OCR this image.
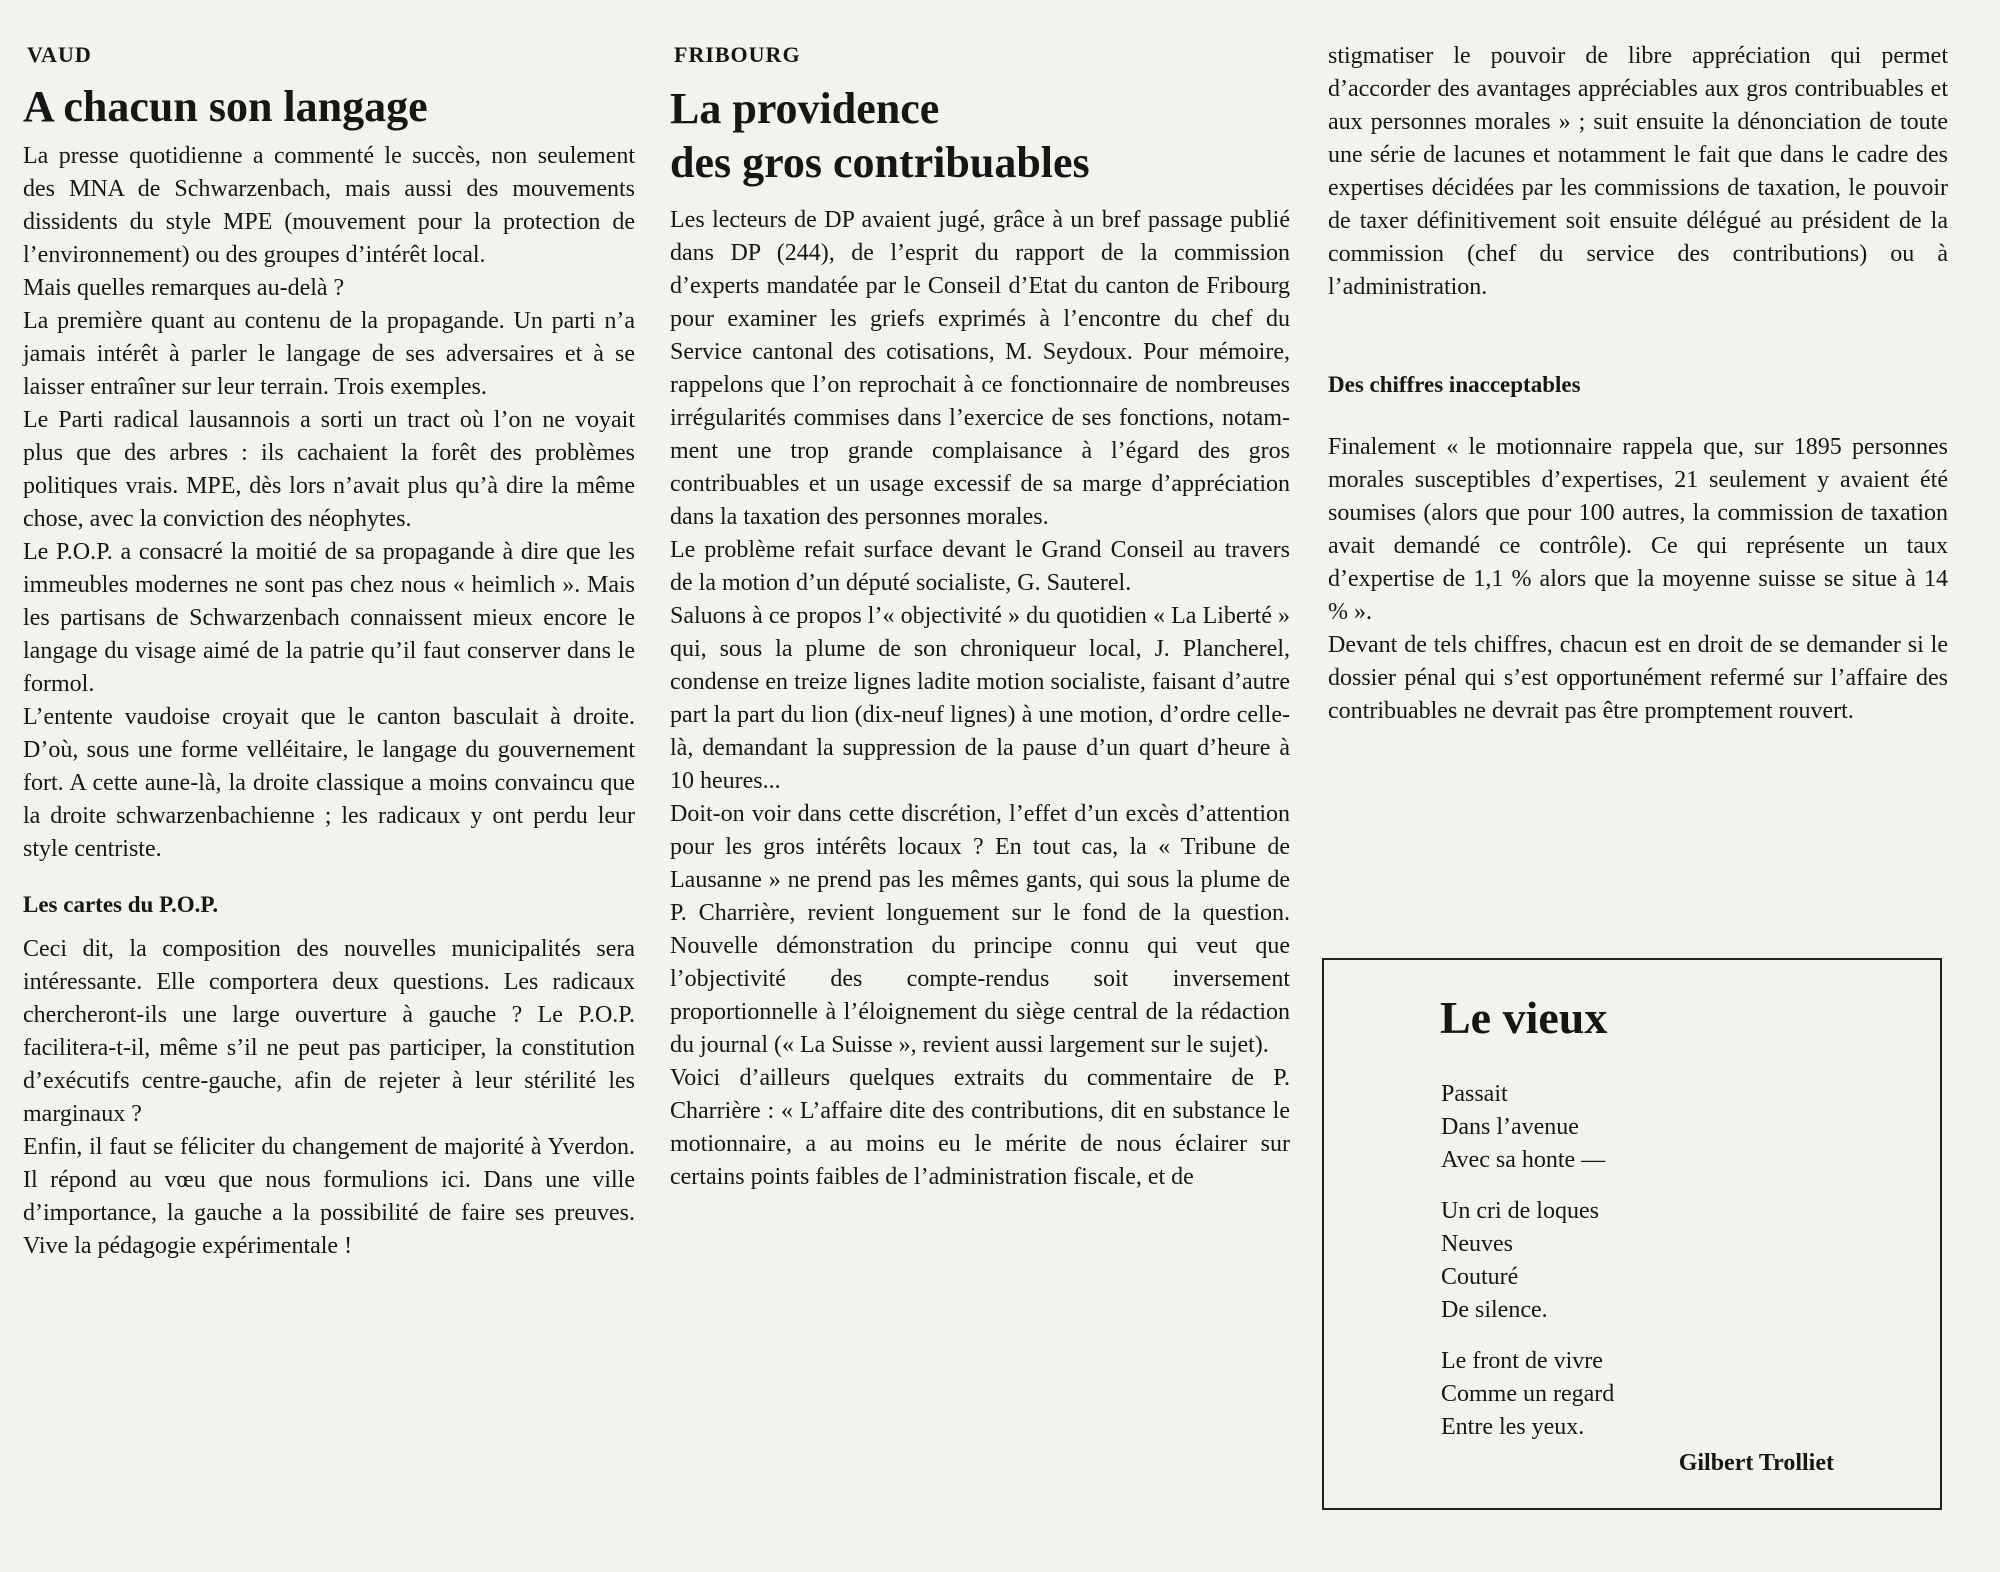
VAUD
A chacun son langage

La presse quotidienne a commenté le succès, non seulement des MNA de Schwarzenbach, mais aussi des mouvements dissidents du style MPE (mouvement pour la protection de l’environnement) ou des groupes d’intérêt local.

Mais quelles remarques au-delà ?

La première quant au contenu de la propagande. Un parti n’a jamais intérêt à parler le langage de ses adversaires et à se laisser entraîner sur leur terrain. Trois exemples.

Le Parti radical lausannois a sorti un tract où l’on ne voyait plus que des arbres : ils cachaient la forêt des problèmes politiques vrais. MPE, dès lors n’avait plus qu’à dire la même chose, avec la conviction des néophytes.

Le P.O.P. a consacré la moitié de sa propagande à dire que les immeubles modernes ne sont pas chez nous « heimlich ». Mais les partisans de Schwarzenbach connaissent mieux encore le langage du visage aimé de la patrie qu’il faut conserver dans le formol.

L’entente vaudoise croyait que le canton basculait à droite. D’où, sous une forme velléitaire, le langage du gouvernement fort. A cette aune-là, la droite classique a moins convaincu que la droite schwarzenbachienne ; les radicaux y ont perdu leur style centriste.

Les cartes du P.O.P.

Ceci dit, la composition des nouvelles municipalités sera intéressante. Elle comportera deux questions. Les radicaux chercheront-ils une large ouverture à gauche ? Le P.O.P. facilitera-t-il, même s’il ne peut pas participer, la constitution d’exécutifs centre-gauche, afin de rejeter à leur stérilité les marginaux ?

Enfin, il faut se féliciter du changement de majorité à Yverdon. Il répond au vœu que nous formulions ici. Dans une ville d’importance, la gauche a la possibilité de faire ses preuves. Vive la pédagogie expérimentale !

FRIBOURG
La providence
des gros contribuables

Les lecteurs de DP avaient jugé, grâce à un bref passage publié dans DP (244), de l’esprit du rapport de la commission d’experts mandatée par le Conseil d’Etat du canton de Fribourg pour examiner les griefs exprimés à l’encontre du chef du Service cantonal des cotisations, M. Seydoux. Pour mémoire, rappelons que l’on reprochait à ce fonctionnaire de nombreuses irrégularités commises dans l’exercice de ses fonctions, notamment une trop grande complaisance à l’égard des gros contribuables et un usage excessif de sa marge d’appréciation dans la taxation des personnes morales.

Le problème refait surface devant le Grand Conseil au travers de la motion d’un député socialiste, G. Sauterel.

Saluons à ce propos l’« objectivité » du quotidien « La Liberté » qui, sous la plume de son chroniqueur local, J. Plancherel, condense en treize lignes ladite motion socialiste, faisant d’autre part la part du lion (dix-neuf lignes) à une motion, d’ordre celle-là, demandant la suppression de la pause d’un quart d’heure à 10 heures...

Doit-on voir dans cette discrétion, l’effet d’un excès d’attention pour les gros intérêts locaux ? En tout cas, la « Tribune de Lausanne » ne prend pas les mêmes gants, qui sous la plume de P. Charrière, revient longuement sur le fond de la question. Nouvelle démonstration du principe connu qui veut que l’objectivité des compte-rendus soit inversement proportionnelle à l’éloignement du siège central de la rédaction du journal (« La Suisse », revient aussi largement sur le sujet).

Voici d’ailleurs quelques extraits du commentaire de P. Charrière : « L’affaire dite des contributions, dit en substance le motionnaire, a au moins eu le mérite de nous éclairer sur certains points faibles de l’administration fiscale, et de

stigmatiser le pouvoir de libre appréciation qui permet d’accorder des avantages appréciables aux gros contribuables et aux personnes morales » ; suit ensuite la dénonciation de toute une série de lacunes et notamment le fait que dans le cadre des expertises décidées par les commissions de taxation, le pouvoir de taxer définitivement soit ensuite délégué au président de la commission (chef du service des contributions) ou à l’administration.

Des chiffres inacceptables

Finalement « le motionnaire rappela que, sur 1895 personnes morales susceptibles d’expertises, 21 seulement y avaient été soumises (alors que pour 100 autres, la commission de taxation avait demandé ce contrôle). Ce qui représente un taux d’expertise de 1,1 % alors que la moyenne suisse se situe à 14 % ».

Devant de tels chiffres, chacun est en droit de se demander si le dossier pénal qui s’est opportunément refermé sur l’affaire des contribuables ne devrait pas être promptement rouvert.

Le vieux
Passait
Dans l’avenue
Avec sa honte —
Un cri de loques
Neuves
Couturé
De silence.
Le front de vivre
Comme un regard
Entre les yeux.
Gilbert Trolliet
